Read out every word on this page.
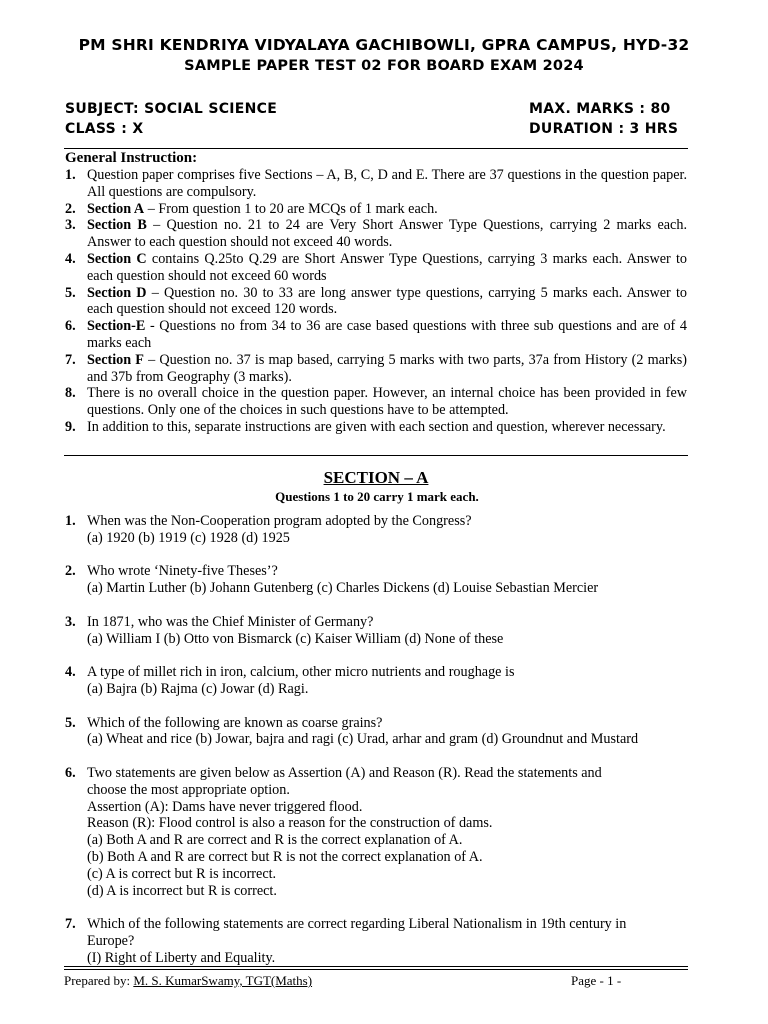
PM SHRI KENDRIYA VIDYALAYA GACHIBOWLI, GPRA CAMPUS, HYD-32
SAMPLE PAPER TEST 02 FOR BOARD EXAM 2024
SUBJECT: SOCIAL SCIENCE	MAX. MARKS : 80
CLASS : X	DURATION : 3 HRS
General Instruction:
1. Question paper comprises five Sections – A, B, C, D and E. There are 37 questions in the question paper. All questions are compulsory.
2. Section A – From question 1 to 20 are MCQs of 1 mark each.
3. Section B – Question no. 21 to 24 are Very Short Answer Type Questions, carrying 2 marks each. Answer to each question should not exceed 40 words.
4. Section C contains Q.25to Q.29 are Short Answer Type Questions, carrying 3 marks each. Answer to each question should not exceed 60 words
5. Section D – Question no. 30 to 33 are long answer type questions, carrying 5 marks each. Answer to each question should not exceed 120 words.
6. Section-E - Questions no from 34 to 36 are case based questions with three sub questions and are of 4 marks each
7. Section F – Question no. 37 is map based, carrying 5 marks with two parts, 37a from History (2 marks) and 37b from Geography (3 marks).
8. There is no overall choice in the question paper. However, an internal choice has been provided in few questions. Only one of the choices in such questions have to be attempted.
9. In addition to this, separate instructions are given with each section and question, wherever necessary.
SECTION – A
Questions 1 to 20 carry 1 mark each.
1. When was the Non-Cooperation program adopted by the Congress?
(a) 1920 (b) 1919 (c) 1928 (d) 1925
2. Who wrote ‘Ninety-five Theses’?
(a) Martin Luther (b) Johann Gutenberg (c) Charles Dickens (d) Louise Sebastian Mercier
3. In 1871, who was the Chief Minister of Germany?
(a) William I (b) Otto von Bismarck (c) Kaiser William (d) None of these
4. A type of millet rich in iron, calcium, other micro nutrients and roughage is
(a) Bajra (b) Rajma (c) Jowar (d) Ragi.
5. Which of the following are known as coarse grains?
(a) Wheat and rice (b) Jowar, bajra and ragi (c) Urad, arhar and gram (d) Groundnut and Mustard
6. Two statements are given below as Assertion (A) and Reason (R). Read the statements and
choose the most appropriate option.
Assertion (A): Dams have never triggered flood.
Reason (R): Flood control is also a reason for the construction of dams.
(a) Both A and R are correct and R is the correct explanation of A.
(b) Both A and R are correct but R is not the correct explanation of A.
(c) A is correct but R is incorrect.
(d) A is incorrect but R is correct.
7. Which of the following statements are correct regarding Liberal Nationalism in 19th century in
Europe?
(I) Right of Liberty and Equality.
Prepared by: M. S. KumarSwamy, TGT(Maths)	Page - 1 -
